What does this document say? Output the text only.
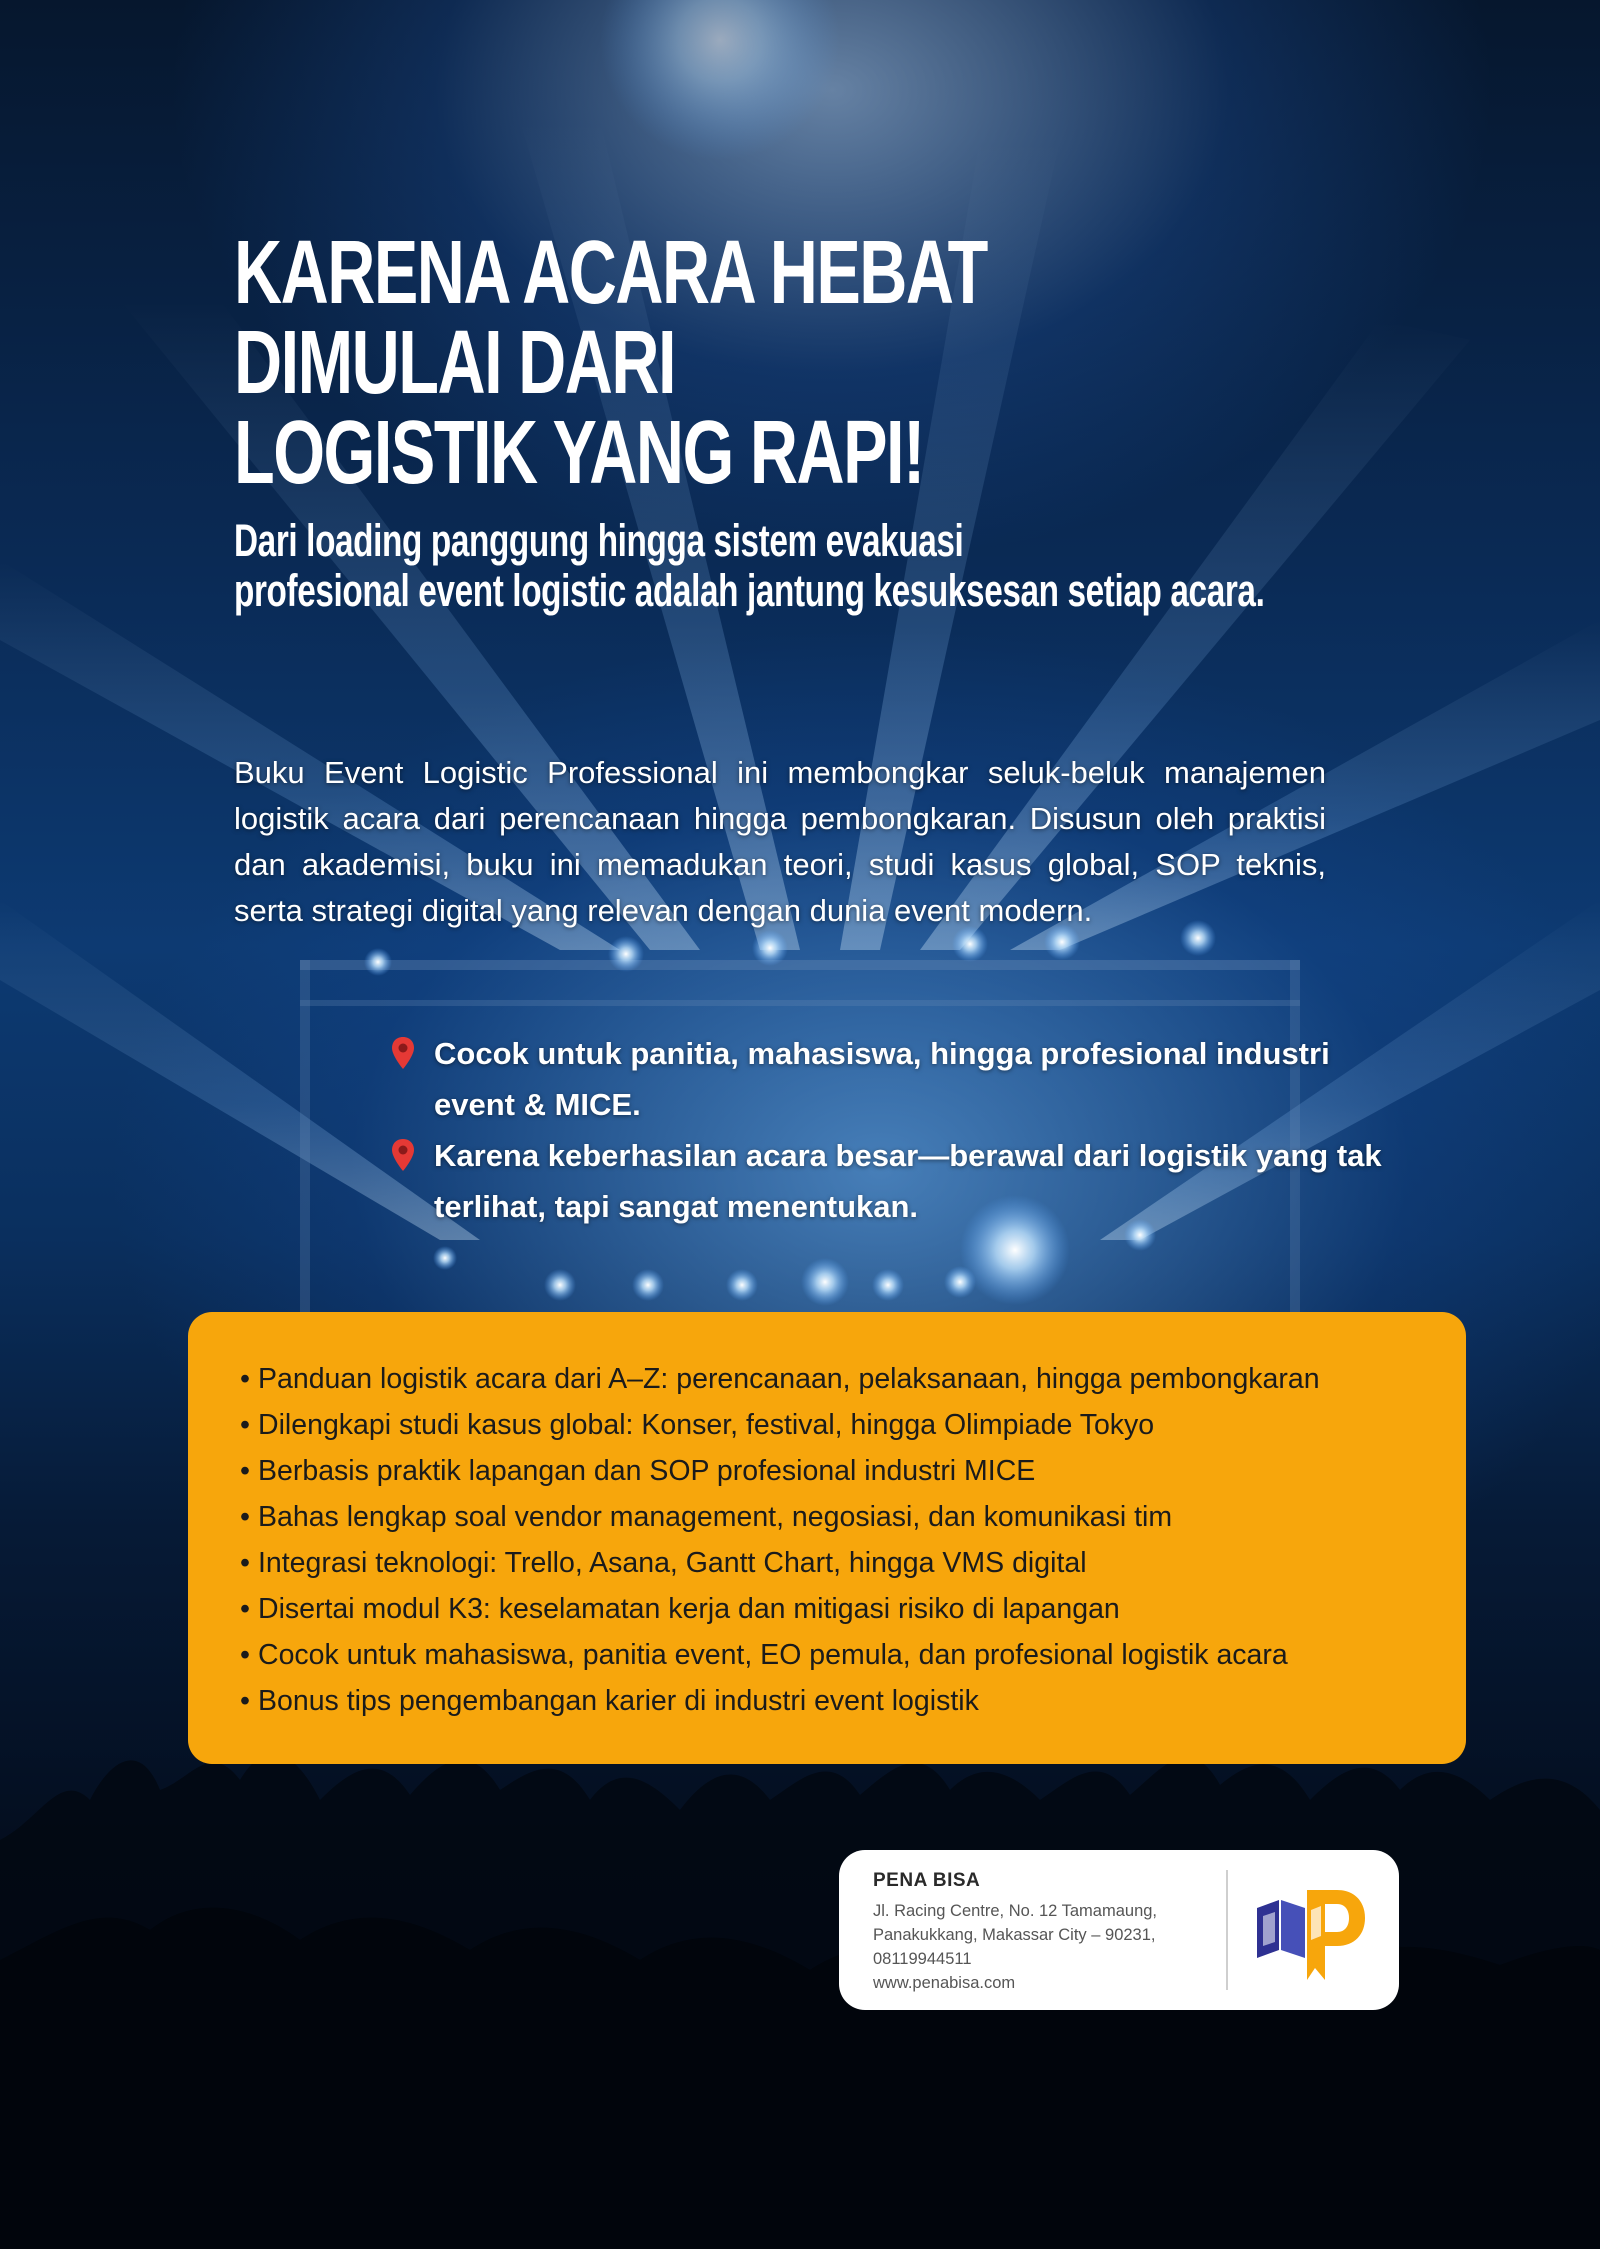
KARENA ACARA HEBAT
DIMULAI DARI
LOGISTIK YANG RAPI!
Dari loading panggung hingga sistem evakuasi
profesional event logistic adalah jantung kesuksesan setiap acara.

Buku Event Logistic Professional ini membongkar seluk-beluk manajemen logistik acara dari perencanaan hingga pembongkaran. Disusun oleh praktisi dan akademisi, buku ini memadukan teori, studi kasus global, SOP teknis, serta strategi digital yang relevan dengan dunia event modern.

Cocok untuk panitia, mahasiswa, hingga profesional industri event & MICE.
Karena keberhasilan acara besar—berawal dari logistik yang tak terlihat, tapi sangat menentukan.
• Panduan logistik acara dari A–Z: perencanaan, pelaksanaan, hingga pembongkaran
• Dilengkapi studi kasus global: Konser, festival, hingga Olimpiade Tokyo
• Berbasis praktik lapangan dan SOP profesional industri MICE
• Bahas lengkap soal vendor management, negosiasi, dan komunikasi tim
• Integrasi teknologi: Trello, Asana, Gantt Chart, hingga VMS digital
• Disertai modul K3: keselamatan kerja dan mitigasi risiko di lapangan
• Cocok untuk mahasiswa, panitia event, EO pemula, dan profesional logistik acara
• Bonus tips pengembangan karier di industri event logistik
PENA BISA
Jl. Racing Centre, No. 12 Tamamaung,
Panakukkang, Makassar City – 90231,
08119944511
www.penabisa.com
